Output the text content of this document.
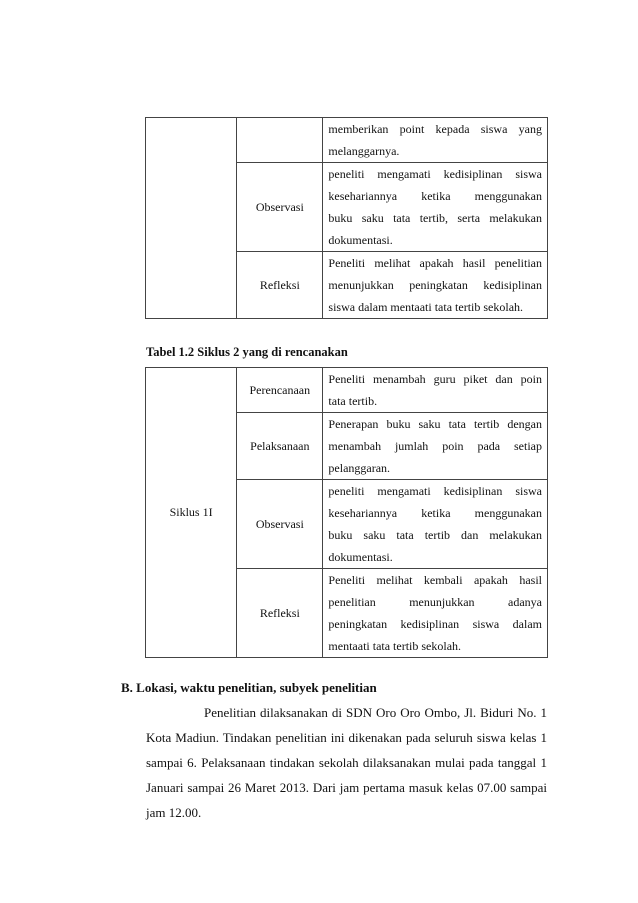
		memberikan point kepada siswa yang
melanggarnya.

	Observasi	peneliti mengamati kedisiplinan siswa
kesehariannya ketika menggunakan
buku saku tata tertib, serta melakukan
dokumentasi.

	Refleksi	Peneliti melihat apakah hasil penelitian
menunjukkan peningkatan kedisiplinan
siswa dalam mentaati tata tertib sekolah.
Tabel 1.2 Siklus 2 yang di rencanakan
Siklus 1I	Perencanaan	Peneliti menambah guru piket dan poin
tata tertib.

	Pelaksanaan	Penerapan buku saku tata tertib dengan
menambah jumlah poin pada setiap
pelanggaran.

	Observasi	peneliti mengamati kedisiplinan siswa
kesehariannya ketika menggunakan
buku saku tata tertib dan melakukan
dokumentasi.

	Refleksi	Peneliti melihat kembali apakah hasil
penelitian menunjukkan adanya
peningkatan kedisiplinan siswa dalam
mentaati tata tertib sekolah.
B. Lokasi, waktu penelitian, subyek penelitian
Penelitian dilaksanakan di SDN Oro Oro Ombo, Jl. Biduri No. 1
Kota Madiun. Tindakan penelitian ini dikenakan pada seluruh siswa kelas 1
sampai 6. Pelaksanaan tindakan sekolah dilaksanakan mulai pada tanggal 1
Januari sampai 26 Maret 2013. Dari jam pertama masuk kelas 07.00 sampai
jam 12.00.
